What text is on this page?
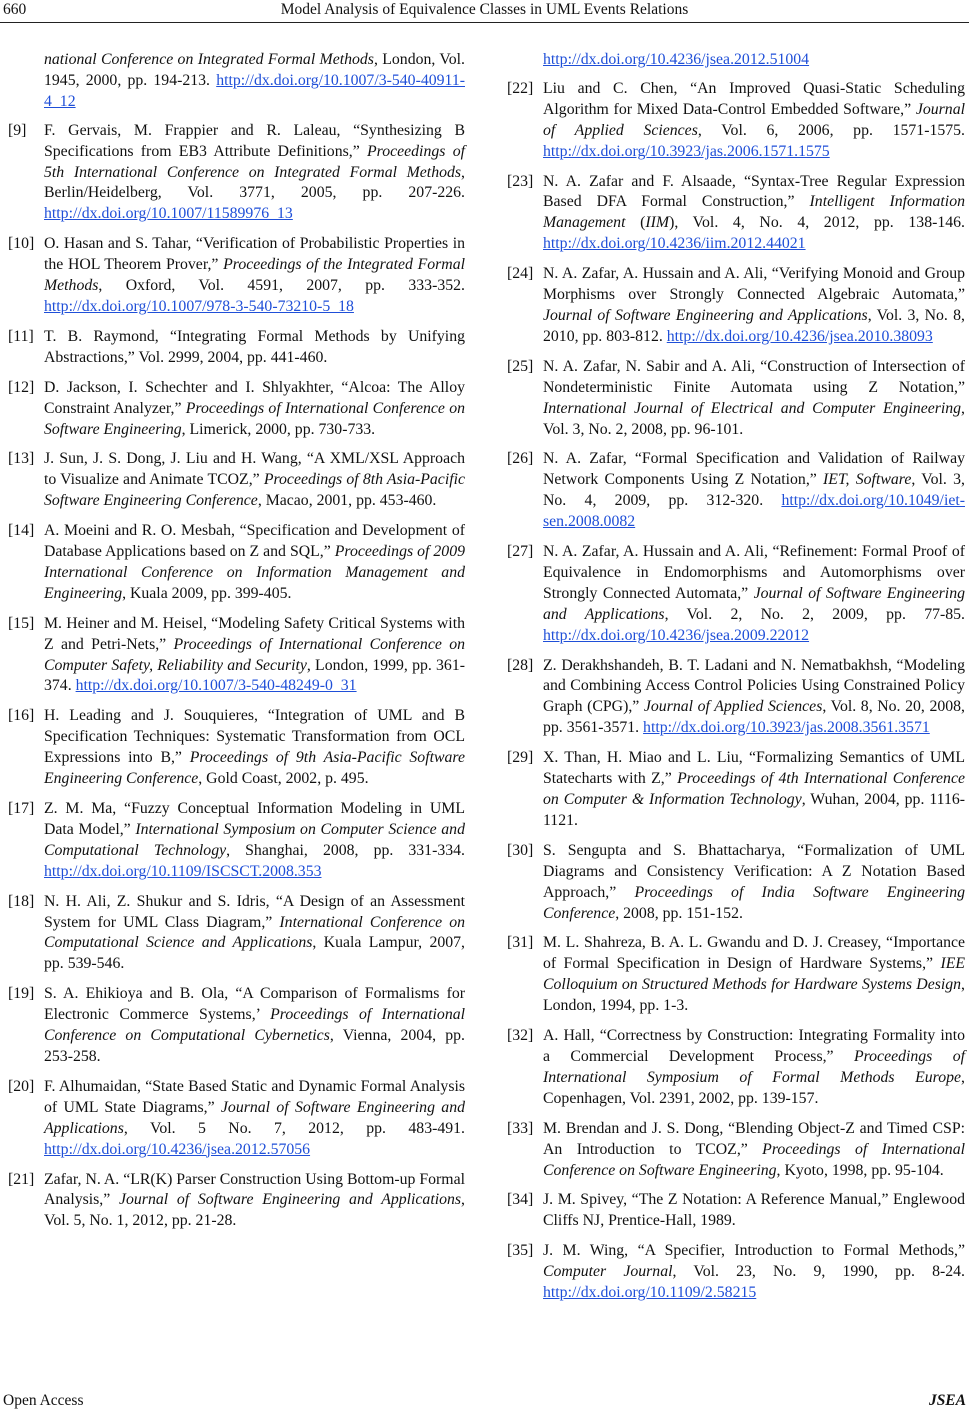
660	Model Analysis of Equivalence Classes in UML Events Relations
national Conference on Integrated Formal Methods, London, Vol. 1945, 2000, pp. 194-213. http://dx.doi.org/10.1007/3-540-40911-4_12
[9] F. Gervais, M. Frappier and R. Laleau, “Synthesizing B Specifications from EB3 Attribute Definitions,” Proceedings of 5th International Conference on Integrated Formal Methods, Berlin/Heidelberg, Vol. 3771, 2005, pp. 207-226. http://dx.doi.org/10.1007/11589976_13
[10] O. Hasan and S. Tahar, “Verification of Probabilistic Properties in the HOL Theorem Prover,” Proceedings of the Integrated Formal Methods, Oxford, Vol. 4591, 2007, pp. 333-352. http://dx.doi.org/10.1007/978-3-540-73210-5_18
[11] T. B. Raymond, “Integrating Formal Methods by Unifying Abstractions,” Vol. 2999, 2004, pp. 441-460.
[12] D. Jackson, I. Schechter and I. Shlyakhter, “Alcoa: The Alloy Constraint Analyzer,” Proceedings of International Conference on Software Engineering, Limerick, 2000, pp. 730-733.
[13] J. Sun, J. S. Dong, J. Liu and H. Wang, “A XML/XSL Approach to Visualize and Animate TCOZ,” Proceedings of 8th Asia-Pacific Software Engineering Conference, Macao, 2001, pp. 453-460.
[14] A. Moeini and R. O. Mesbah, “Specification and Development of Database Applications based on Z and SQL,” Proceedings of 2009 International Conference on Information Management and Engineering, Kuala 2009, pp. 399-405.
[15] M. Heiner and M. Heisel, “Modeling Safety Critical Systems with Z and Petri-Nets,” Proceedings of International Conference on Computer Safety, Reliability and Security, London, 1999, pp. 361-374. http://dx.doi.org/10.1007/3-540-48249-0_31
[16] H. Leading and J. Souquieres, “Integration of UML and B Specification Techniques: Systematic Transformation from OCL Expressions into B,” Proceedings of 9th Asia-Pacific Software Engineering Conference, Gold Coast, 2002, p. 495.
[17] Z. M. Ma, “Fuzzy Conceptual Information Modeling in UML Data Model,” International Symposium on Computer Science and Computational Technology, Shanghai, 2008, pp. 331-334. http://dx.doi.org/10.1109/ISCSCT.2008.353
[18] N. H. Ali, Z. Shukur and S. Idris, “A Design of an Assessment System for UML Class Diagram,” International Conference on Computational Science and Applications, Kuala Lampur, 2007, pp. 539-546.
[19] S. A. Ehikioya and B. Ola, “A Comparison of Formalisms for Electronic Commerce Systems,’ Proceedings of International Conference on Computational Cybernetics, Vienna, 2004, pp. 253-258.
[20] F. Alhumaidan, “State Based Static and Dynamic Formal Analysis of UML State Diagrams,” Journal of Software Engineering and Applications, Vol. 5 No. 7, 2012, pp. 483-491. http://dx.doi.org/10.4236/jsea.2012.57056
[21] Zafar, N. A. “LR(K) Parser Construction Using Bottom-up Formal Analysis,” Journal of Software Engineering and Applications, Vol. 5, No. 1, 2012, pp. 21-28.
http://dx.doi.org/10.4236/jsea.2012.51004
[22] Liu and C. Chen, “An Improved Quasi-Static Scheduling Algorithm for Mixed Data-Control Embedded Software,” Journal of Applied Sciences, Vol. 6, 2006, pp. 1571-1575. http://dx.doi.org/10.3923/jas.2006.1571.1575
[23] N. A. Zafar and F. Alsaade, “Syntax-Tree Regular Expression Based DFA Formal Construction,” Intelligent Information Management (IIM), Vol. 4, No. 4, 2012, pp. 138-146. http://dx.doi.org/10.4236/iim.2012.44021
[24] N. A. Zafar, A. Hussain and A. Ali, “Verifying Monoid and Group Morphisms over Strongly Connected Algebraic Automata,” Journal of Software Engineering and Applications, Vol. 3, No. 8, 2010, pp. 803-812. http://dx.doi.org/10.4236/jsea.2010.38093
[25] N. A. Zafar, N. Sabir and A. Ali, “Construction of Intersection of Nondeterministic Finite Automata using Z Notation,” International Journal of Electrical and Computer Engineering, Vol. 3, No. 2, 2008, pp. 96-101.
[26] N. A. Zafar, “Formal Specification and Validation of Railway Network Components Using Z Notation,” IET, Software, Vol. 3, No. 4, 2009, pp. 312-320. http://dx.doi.org/10.1049/iet-sen.2008.0082
[27] N. A. Zafar, A. Hussain and A. Ali, “Refinement: Formal Proof of Equivalence in Endomorphisms and Automorphisms over Strongly Connected Automata,” Journal of Software Engineering and Applications, Vol. 2, No. 2, 2009, pp. 77-85. http://dx.doi.org/10.4236/jsea.2009.22012
[28] Z. Derakhshandeh, B. T. Ladani and N. Nematbakhsh, “Modeling and Combining Access Control Policies Using Constrained Policy Graph (CPG),” Journal of Applied Sciences, Vol. 8, No. 20, 2008, pp. 3561-3571. http://dx.doi.org/10.3923/jas.2008.3561.3571
[29] X. Than, H. Miao and L. Liu, “Formalizing Semantics of UML Statecharts with Z,” Proceedings of 4th International Conference on Computer & Information Technology, Wuhan, 2004, pp. 1116-1121.
[30] S. Sengupta and S. Bhattacharya, “Formalization of UML Diagrams and Consistency Verification: A Z Notation Based Approach,” Proceedings of India Software Engineering Conference, 2008, pp. 151-152.
[31] M. L. Shahreza, B. A. L. Gwandu and D. J. Creasey, “Importance of Formal Specification in Design of Hardware Systems,” IEE Colloquium on Structured Methods for Hardware Systems Design, London, 1994, pp. 1-3.
[32] A. Hall, “Correctness by Construction: Integrating Formality into a Commercial Development Process,” Proceedings of International Symposium of Formal Methods Europe, Copenhagen, Vol. 2391, 2002, pp. 139-157.
[33] M. Brendan and J. S. Dong, “Blending Object-Z and Timed CSP: An Introduction to TCOZ,” Proceedings of International Conference on Software Engineering, Kyoto, 1998, pp. 95-104.
[34] J. M. Spivey, “The Z Notation: A Reference Manual,” Englewood Cliffs NJ, Prentice-Hall, 1989.
[35] J. M. Wing, “A Specifier, Introduction to Formal Methods,” Computer Journal, Vol. 23, No. 9, 1990, pp. 8-24. http://dx.doi.org/10.1109/2.58215
Open Access	JSEA
